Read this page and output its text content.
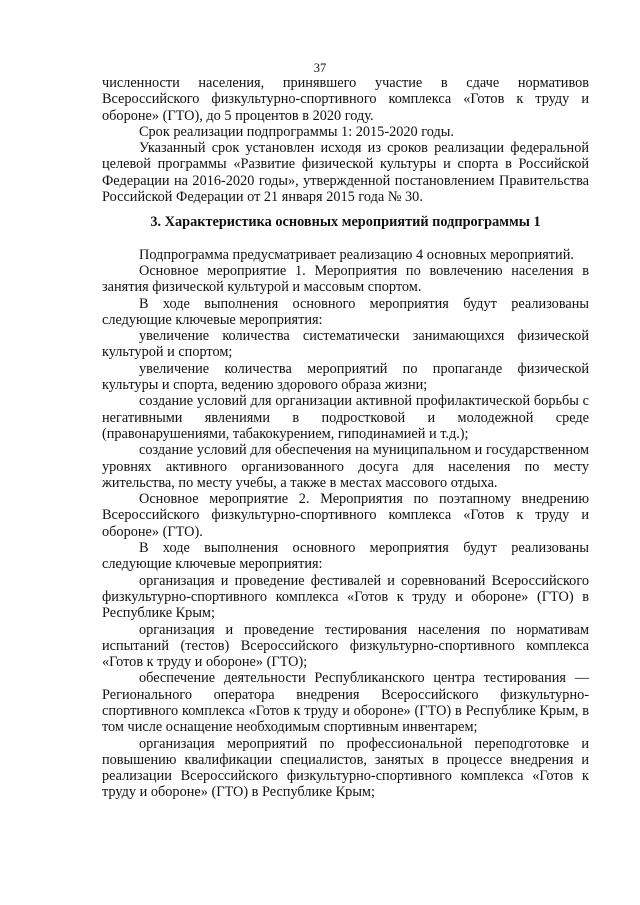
37

численности населения, принявшего участие в сдаче нормативов Всероссийского физкультурно-спортивного комплекса «Готов к труду и обороне» (ГТО), до 5 процентов в 2020 году.

Срок реализации подпрограммы 1: 2015-2020 годы.

Указанный срок установлен исходя из сроков реализации федеральной целевой программы «Развитие физической культуры и спорта в Российской Федерации на 2016-2020 годы», утвержденной постановлением Правительства Российской Федерации от 21 января 2015 года № 30.

3. Характеристика основных мероприятий подпрограммы 1

Подпрограмма предусматривает реализацию 4 основных мероприятий.

Основное мероприятие 1. Мероприятия по вовлечению населения в занятия физической культурой и массовым спортом.

В ходе выполнения основного мероприятия будут реализованы следующие ключевые мероприятия:

увеличение количества систематически занимающихся физической культурой и спортом;

увеличение количества мероприятий по пропаганде физической культуры и спорта, ведению здорового образа жизни;

создание условий для организации активной профилактической борьбы с негативными явлениями в подростковой и молодежной среде (правонарушениями, табакокурением, гиподинамией и т.д.);

создание условий для обеспечения на муниципальном и государственном уровнях активного организованного досуга для населения по месту жительства, по месту учебы, а также в местах массового отдыха.

Основное мероприятие 2. Мероприятия по поэтапному внедрению Всероссийского физкультурно-спортивного комплекса «Готов к труду и обороне» (ГТО).

В ходе выполнения основного мероприятия будут реализованы следующие ключевые мероприятия:

организация и проведение фестивалей и соревнований Всероссийского физкультурно-спортивного комплекса «Готов к труду и обороне» (ГТО) в Республике Крым;

организация и проведение тестирования населения по нормативам испытаний (тестов) Всероссийского физкультурно-спортивного комплекса «Готов к труду и обороне» (ГТО);

обеспечение деятельности Республиканского центра тестирования — Регионального оператора внедрения Всероссийского физкультурно-спортивного комплекса «Готов к труду и обороне» (ГТО) в Республике Крым, в том числе оснащение необходимым спортивным инвентарем;

организация мероприятий по профессиональной переподготовке и повышению квалификации специалистов, занятых в процессе внедрения и реализации Всероссийского физкультурно-спортивного комплекса «Готов к труду и обороне» (ГТО) в Республике Крым;
